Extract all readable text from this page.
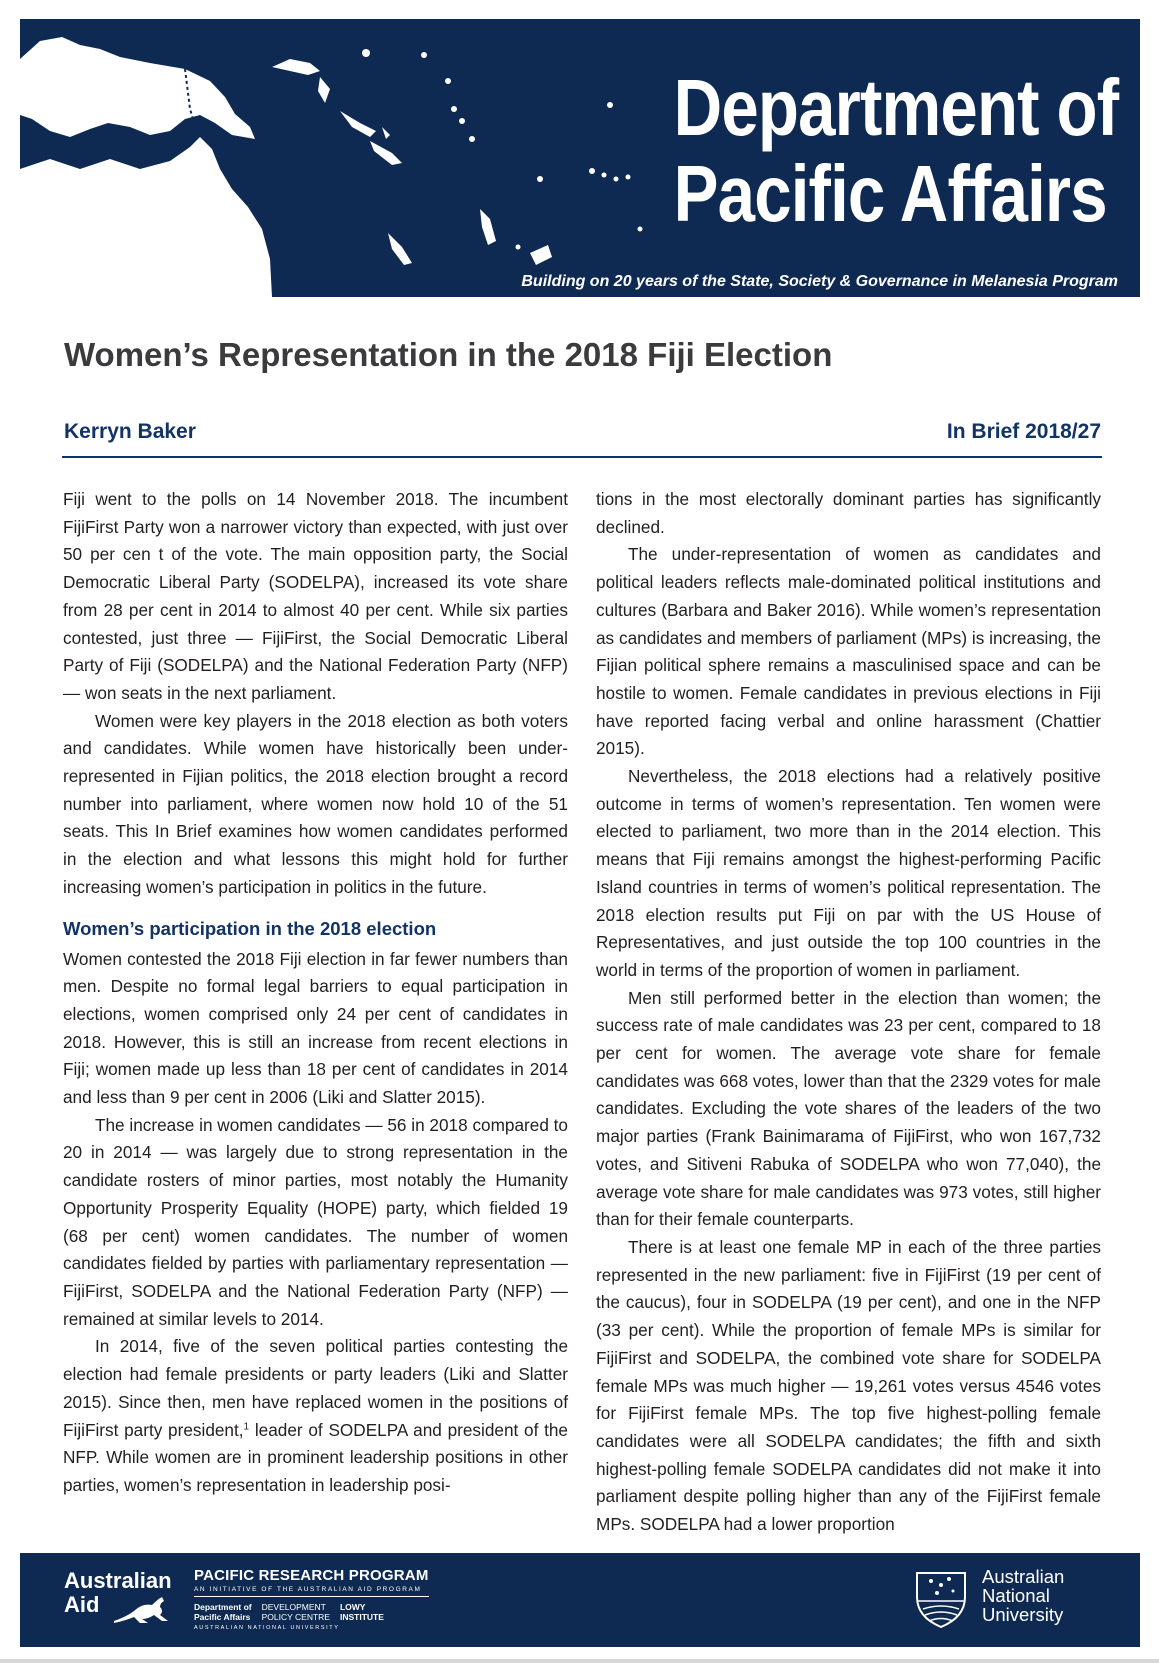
Department of
Pacific Affairs
Building on 20 years of the State, Society & Governance in Melanesia Program
Women’s Representation in the 2018 Fiji Election
Kerryn Baker	In Brief 2018/27

Fiji went to the polls on 14 November 2018. The incumbent FijiFirst Party won a narrower victory than expected, with just over 50 per cen t of the vote. The main opposition party, the Social Democratic Liberal Party (SODELPA), increased its vote share from 28 per cent in 2014 to almost 40 per cent. While six parties contested, just three — FijiFirst, the Social Democratic Liberal Party of Fiji (SODELPA) and the National Federation Party (NFP) — won seats in the next parliament.

Women were key players in the 2018 election as both voters and candidates. While women have historically been under-represented in Fijian politics, the 2018 election brought a record number into parliament, where women now hold 10 of the 51 seats. This In Brief examines how women candidates performed in the election and what lessons this might hold for further increasing women’s participation in politics in the future.

Women’s participation in the 2018 election

Women contested the 2018 Fiji election in far fewer numbers than men. Despite no formal legal barriers to equal participation in elections, women comprised only 24 per cent of candidates in 2018. However, this is still an increase from recent elections in Fiji; women made up less than 18 per cent of candidates in 2014 and less than 9 per cent in 2006 (Liki and Slatter 2015).

The increase in women candidates — 56 in 2018 compared to 20 in 2014 — was largely due to strong representation in the candidate rosters of minor parties, most notably the Humanity Opportunity Prosperity Equality (HOPE) party, which fielded 19 (68 per cent) women candidates. The number of women candidates fielded by parties with parliamentary representation — FijiFirst, SODELPA and the National Federation Party (NFP) — remained at similar levels to 2014.

In 2014, five of the seven political parties contesting the election had female presidents or party leaders (Liki and Slatter 2015). Since then, men have replaced women in the positions of FijiFirst party president,$^1$ leader of SODELPA and president of the NFP. While women are in prominent leadership positions in other parties, women’s representation in leadership posi-

tions in the most electorally dominant parties has significantly declined.

The under-representation of women as candidates and political leaders reflects male-dominated political institutions and cultures (Barbara and Baker 2016). While women’s representation as candidates and members of parliament (MPs) is increasing, the Fijian political sphere remains a masculinised space and can be hostile to women. Female candidates in previous elections in Fiji have reported facing verbal and online harassment (Chattier 2015).

Nevertheless, the 2018 elections had a relatively positive outcome in terms of women’s representation. Ten women were elected to parliament, two more than in the 2014 election. This means that Fiji remains amongst the highest-performing Pacific Island countries in terms of women’s political representation. The 2018 election results put Fiji on par with the US House of Representatives, and just outside the top 100 countries in the world in terms of the proportion of women in parliament.

Men still performed better in the election than women; the success rate of male candidates was 23 per cent, compared to 18 per cent for women. The average vote share for female candidates was 668 votes, lower than that the 2329 votes for male candidates. Excluding the vote shares of the leaders of the two major parties (Frank Bainimarama of FijiFirst, who won 167,732 votes, and Sitiveni Rabuka of SODELPA who won 77,040), the average vote share for male candidates was 973 votes, still higher than for their female counterparts.

There is at least one female MP in each of the three parties represented in the new parliament: five in FijiFirst (19 per cent of the caucus), four in SODELPA (19 per cent), and one in the NFP (33 per cent). While the proportion of female MPs is similar for FijiFirst and SODELPA, the combined vote share for SODELPA female MPs was much higher — 19,261 votes versus 4546 votes for FijiFirst female MPs. The top five highest-polling female candidates were all SODELPA candidates; the fifth and sixth highest-polling female SODELPA candidates did not make it into parliament despite polling higher than any of the FijiFirst female MPs. SODELPA had a lower proportion

Australian
Aid
PACIFIC RESEARCH PROGRAM
AN INITIATIVE OF THE AUSTRALIAN AID PROGRAM
Department of
Pacific Affairs
DEVELOPMENT
POLICY CENTRE
LOWY
INSTITUTE
AUSTRALIAN NATIONAL UNIVERSITY
Australian
National
University
